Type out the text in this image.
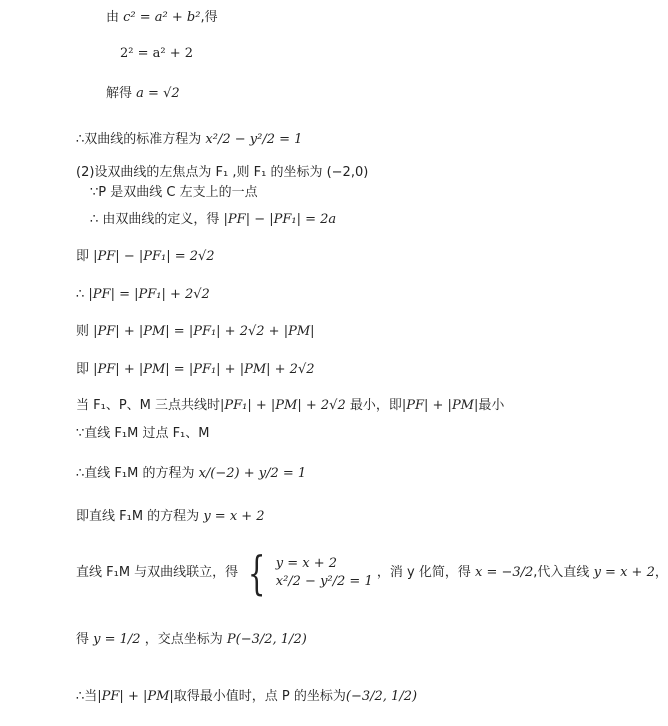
由 c² = a² + b²,得
2² = a² + 2
解得 a = √2
∴双曲线的标准方程为 x²/2 − y²/2 = 1
(2)设双曲线的左焦点为 F₁ ,则 F₁ 的坐标为 (−2,0)
∵P 是双曲线 C 左支上的一点
∴ 由双曲线的定义，得 |PF| − |PF₁| = 2a
即 |PF| − |PF₁| = 2√2
∴ |PF| = |PF₁| + 2√2
则 |PF| + |PM| = |PF₁| + 2√2 + |PM|
即 |PF| + |PM| = |PF₁| + |PM| + 2√2
当 F₁、P、M 三点共线时|PF₁| + |PM| + 2√2 最小，即|PF| + |PM|最小
∵直线 F₁M 过点 F₁、M
∴直线 F₁M 的方程为 x/(−2) + y/2 = 1
即直线 F₁M 的方程为 y = x + 2
直线 F₁M 与双曲线联立，得 { y = x + 2
x²/2 − y²/2 = 1
，消 y 化简，得 x = −3/2,代入直线 y = x + 2，
得 y = 1/2 ，交点坐标为 P(−3/2, 1/2)
∴当|PF| + |PM|取得最小值时，点 P 的坐标为(−3/2, 1/2)
